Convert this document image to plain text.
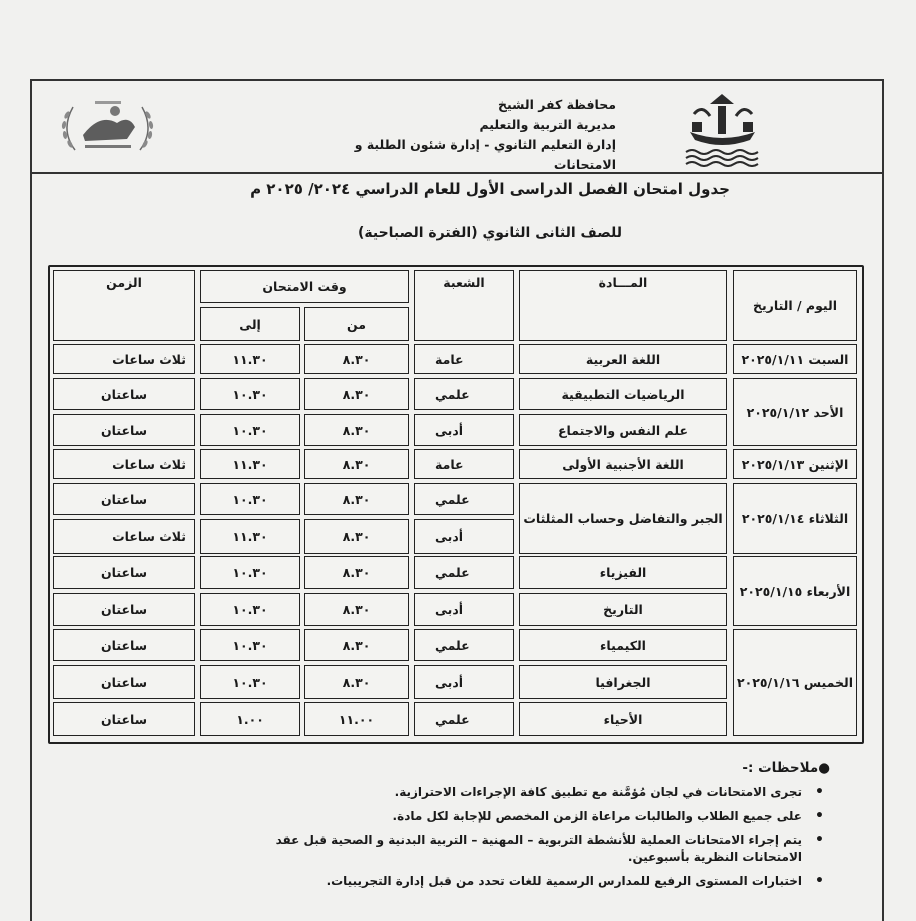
محافظة كفر الشيخ
مديرية التربية والتعليم
إدارة التعليم الثانوي - إدارة شئون الطلبة و الامتحانات
جدول امتحان الفصل الدراسى الأول للعام الدراسي ٢٠٢٤/ ٢٠٢٥ م
للصف الثانى الثانوي (الفترة الصباحية)
اليوم / التاريخ
المـــادة
الشعبة
وقت الامتحان
من
إلى
الزمن
السبت ٢٠٢٥/١/١١
الأحد ٢٠٢٥/١/١٢
الإثنين ٢٠٢٥/١/١٣
الثلاثاء ٢٠٢٥/١/١٤
الأربعاء ٢٠٢٥/١/١٥
الخميس ٢٠٢٥/١/١٦
اللغة العربية
الرياضيات التطبيقية
علم النفس والاجتماع
اللغة الأجنبية الأولى
الجبر والتفاضل وحساب المثلثات
الفيزياء
التاريخ
الكيمياء
الجغرافيا
الأحياء
عامة
٨.٣٠
١١.٣٠
ثلاث ساعات
علمي
٨.٣٠
١٠.٣٠
ساعتان
أدبى
٨.٣٠
١٠.٣٠
ساعتان
عامة
٨.٣٠
١١.٣٠
ثلاث ساعات
علمي
٨.٣٠
١٠.٣٠
ساعتان
أدبى
٨.٣٠
١١.٣٠
ثلاث ساعات
علمي
٨.٣٠
١٠.٣٠
ساعتان
أدبى
٨.٣٠
١٠.٣٠
ساعتان
علمي
٨.٣٠
١٠.٣٠
ساعتان
أدبى
٨.٣٠
١٠.٣٠
ساعتان
علمي
١١.٠٠
١.٠٠
ساعتان
●ملاحظات :-
•
تجرى الامتحانات في لجان مُؤمَّنة مع تطبيق كافة الإجراءات الاحترازية.
•
على جميع الطلاب والطالبات مراعاة الزمن المخصص للإجابة لكل مادة.
•
يتم إجراء الامتحانات العملية للأنشطة التربوية – المهنية – التربية البدنية و الصحية قبل عقد الامتحانات النظرية بأسبوعين.
•
اختبارات المستوى الرفيع للمدارس الرسمية للغات تحدد من قبل إدارة التجريبيات.
